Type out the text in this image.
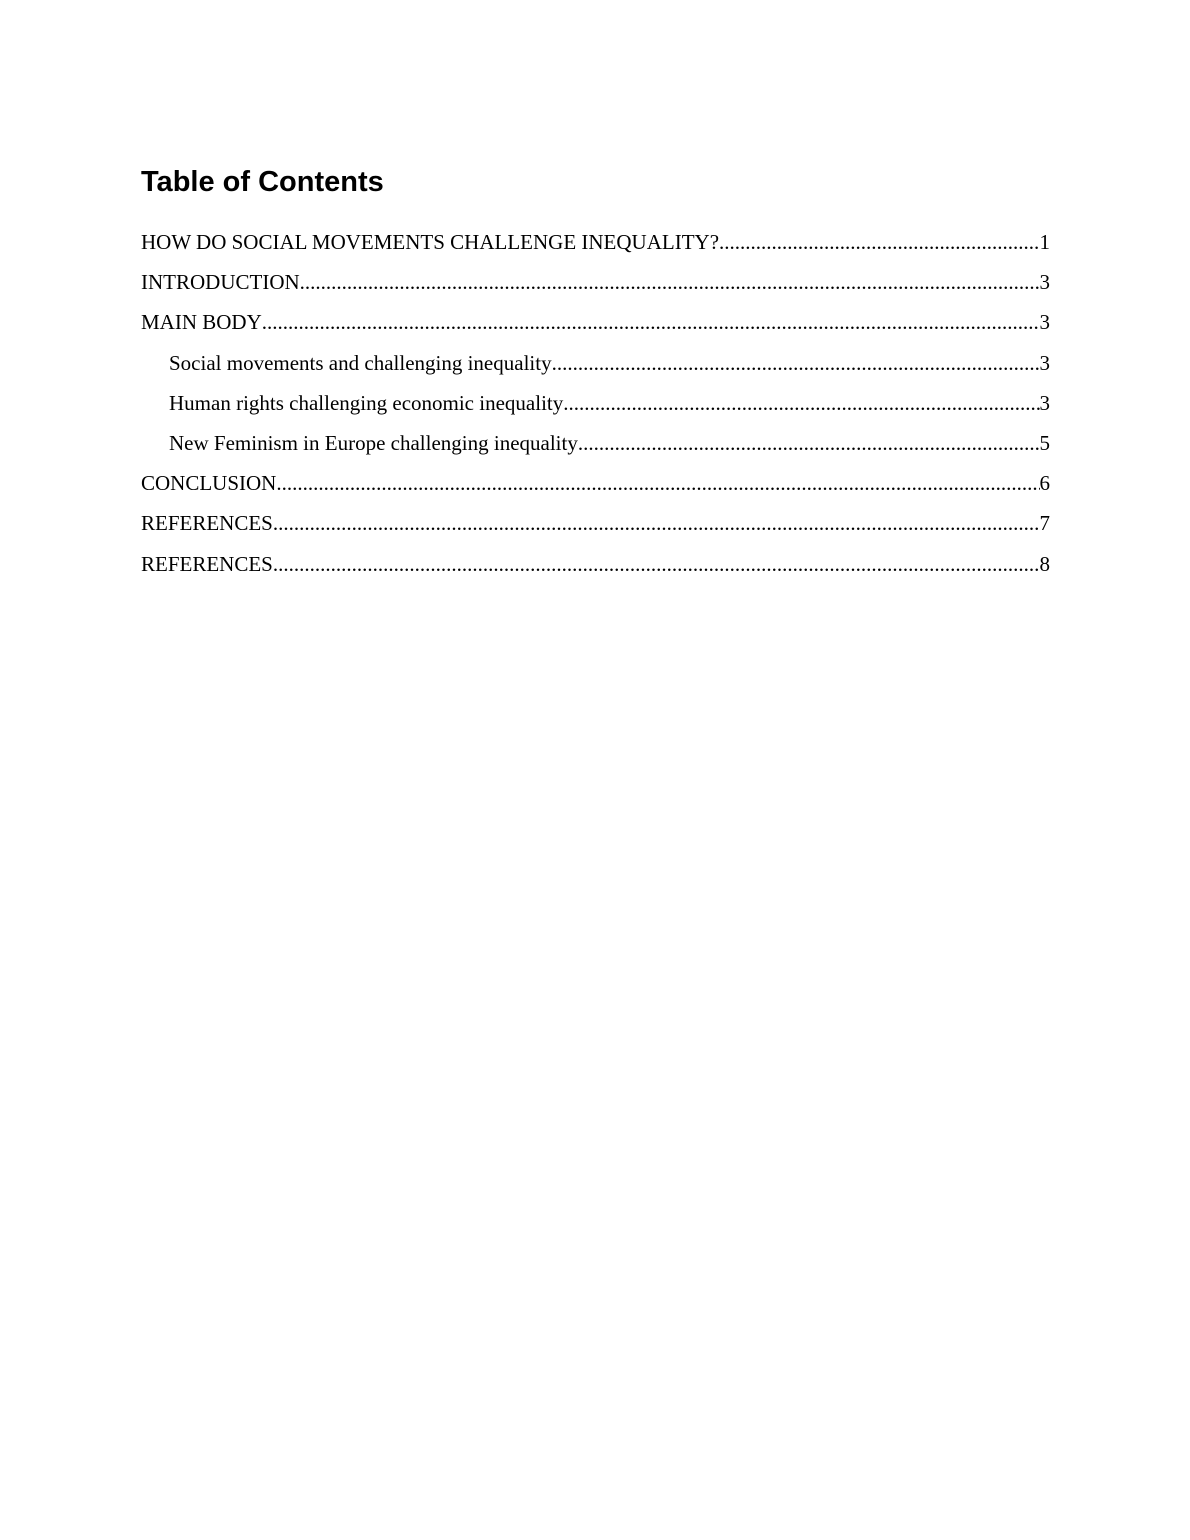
Table of Contents
HOW DO SOCIAL MOVEMENTS CHALLENGE INEQUALITY? .....	1
INTRODUCTION .....	3
MAIN BODY .....	3
Social movements and challenging inequality .....	3
Human rights challenging economic inequality .....	3
New Feminism in Europe challenging inequality .....	5
CONCLUSION .....	6
REFERENCES .....	7
REFERENCES .....	8
